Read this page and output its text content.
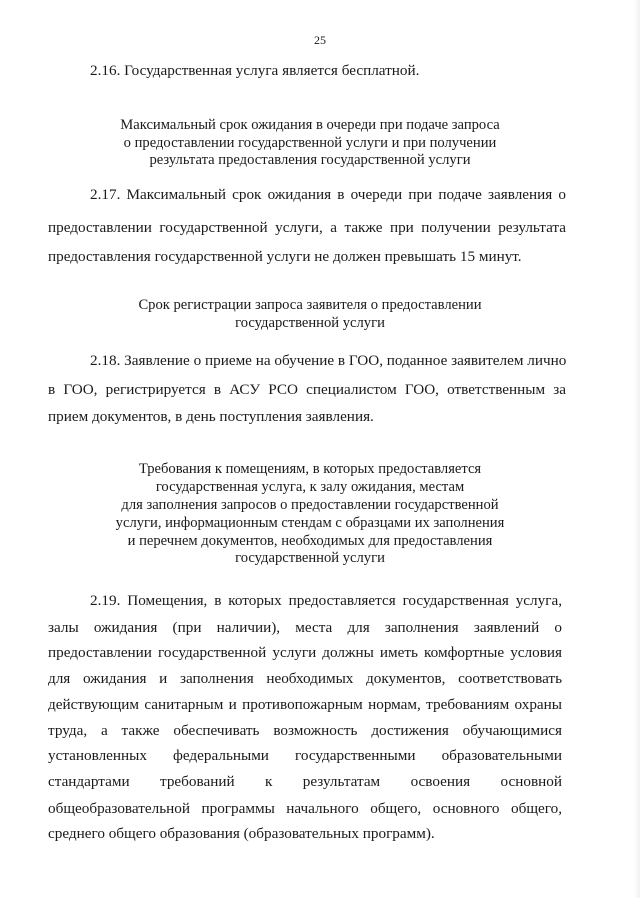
25
2.16. Государственная услуга является бесплатной.
Максимальный срок ожидания в очереди при подаче запроса
о предоставлении государственной услуги и при получении
результата предоставления государственной услуги
2.17. Максимальный срок ожидания в очереди при подаче заявления о
предоставлении государственной услуги, а также при получении результата
предоставления государственной услуги не должен превышать 15 минут.
Срок регистрации запроса заявителя о предоставлении
государственной услуги
2.18. Заявление о приеме на обучение в ГОО, поданное заявителем лично
в ГОО, регистрируется в АСУ РСО специалистом ГОО, ответственным за
прием документов, в день поступления заявления.
Требования к помещениям, в которых предоставляется
государственная услуга, к залу ожидания, местам
для заполнения запросов о предоставлении государственной
услуги, информационным стендам с образцами их заполнения
и перечнем документов, необходимых для предоставления
государственной услуги
2.19. Помещения, в которых предоставляется государственная услуга,
залы ожидания (при наличии), места для заполнения заявлений о
предоставлении государственной услуги должны иметь комфортные условия
для ожидания и заполнения необходимых документов, соответствовать
действующим санитарным и противопожарным нормам, требованиям охраны
труда, а также обеспечивать возможность достижения обучающимися
установленных федеральными государственными образовательными
стандартами требований к результатам освоения основной
общеобразовательной программы начального общего, основного общего,
среднего общего образования (образовательных программ).
